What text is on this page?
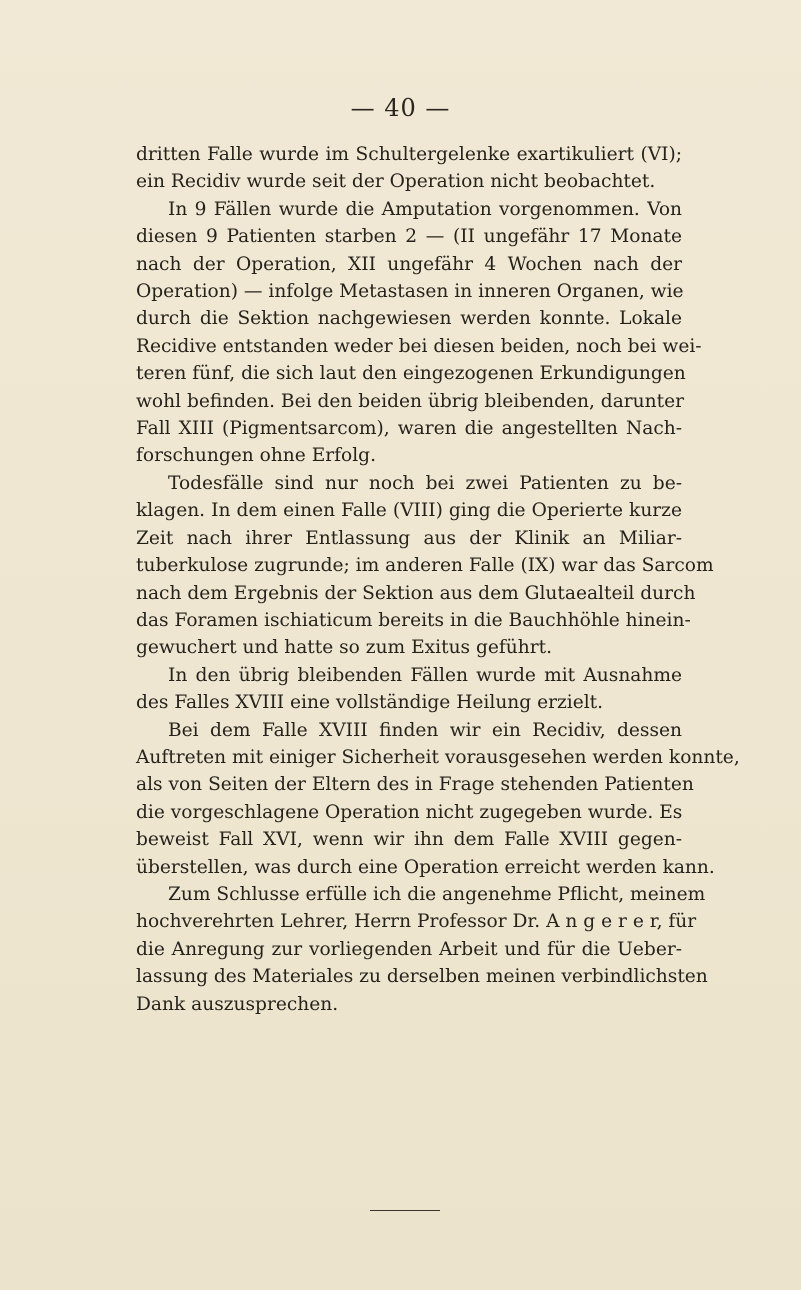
— 40 —
dritten Falle wurde im Schultergelenke exartikuliert (VI);
ein Recidiv wurde seit der Operation nicht beobachtet.
In 9 Fällen wurde die Amputation vorgenommen. Von
diesen 9 Patienten starben 2 — (II ungefähr 17 Monate
nach der Operation, XII ungefähr 4 Wochen nach der
Operation) — infolge Metastasen in inneren Organen, wie
durch die Sektion nachgewiesen werden konnte. Lokale
Recidive entstanden weder bei diesen beiden, noch bei wei-
teren fünf, die sich laut den eingezogenen Erkundigungen
wohl befinden. Bei den beiden übrig bleibenden, darunter
Fall XIII (Pigmentsarcom), waren die angestellten Nach-
forschungen ohne Erfolg.
Todesfälle sind nur noch bei zwei Patienten zu be-
klagen. In dem einen Falle (VIII) ging die Operierte kurze
Zeit nach ihrer Entlassung aus der Klinik an Miliar-
tuberkulose zugrunde; im anderen Falle (IX) war das Sarcom
nach dem Ergebnis der Sektion aus dem Glutaealteil durch
das Foramen ischiaticum bereits in die Bauchhöhle hinein-
gewuchert und hatte so zum Exitus geführt.
In den übrig bleibenden Fällen wurde mit Ausnahme
des Falles XVIII eine vollständige Heilung erzielt.
Bei dem Falle XVIII finden wir ein Recidiv, dessen
Auftreten mit einiger Sicherheit vorausgesehen werden konnte,
als von Seiten der Eltern des in Frage stehenden Patienten
die vorgeschlagene Operation nicht zugegeben wurde. Es
beweist Fall XVI, wenn wir ihn dem Falle XVIII gegen-
überstellen, was durch eine Operation erreicht werden kann.
Zum Schlusse erfülle ich die angenehme Pflicht, meinem
hochverehrten Lehrer, Herrn Professor Dr. A n g e r e r, für
die Anregung zur vorliegenden Arbeit und für die Ueber-
lassung des Materiales zu derselben meinen verbindlichsten
Dank auszusprechen.
